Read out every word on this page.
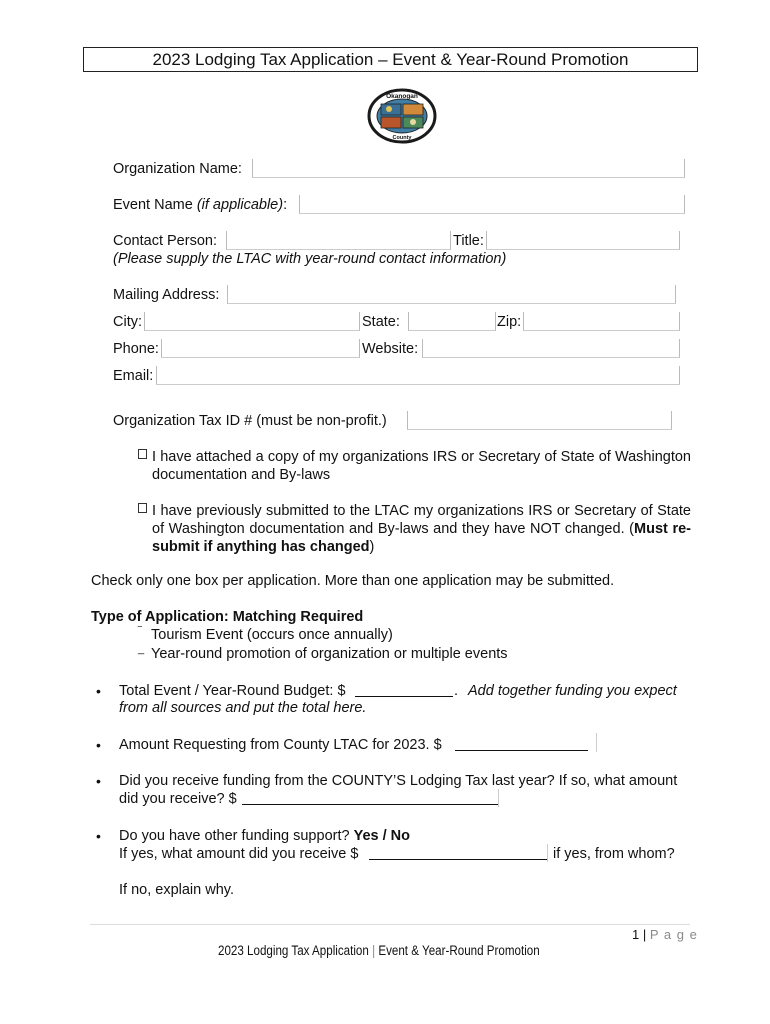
2023 Lodging Tax Application – Event & Year-Round Promotion
Okanogan
County
Organization Name:
Event Name (if applicable):
Contact Person:	Title:
(Please supply the LTAC with year-round contact information)
Mailing Address:
City:	State:	Zip:
Phone:	Website:
Email:
Organization Tax ID # (must be non-profit.)
I have attached a copy of my organizations IRS or Secretary of State of Washington documentation and By-laws
I have previously submitted to the LTAC my organizations IRS or Secretary of State of Washington documentation and By-laws and they have NOT changed. (Must re-submit if anything has changed)
Check only one box per application. More than one application may be submitted.
Type of Application: Matching Required
‾ Tourism Event (occurs once annually)
_ Year-round promotion of organization or multiple events
• Total Event / Year-Round Budget: $	. Add together funding you expect
from all sources and put the total here.
• Amount Requesting from County LTAC for 2023. $
• Did you receive funding from the COUNTY’S Lodging Tax last year? If so, what amount
did you receive? $
• Do you have other funding support? Yes / No
If yes, what amount did you receive $	if yes, from whom?
If no, explain why.
1 | P a g e
2023 Lodging Tax Application | Event & Year-Round Promotion
